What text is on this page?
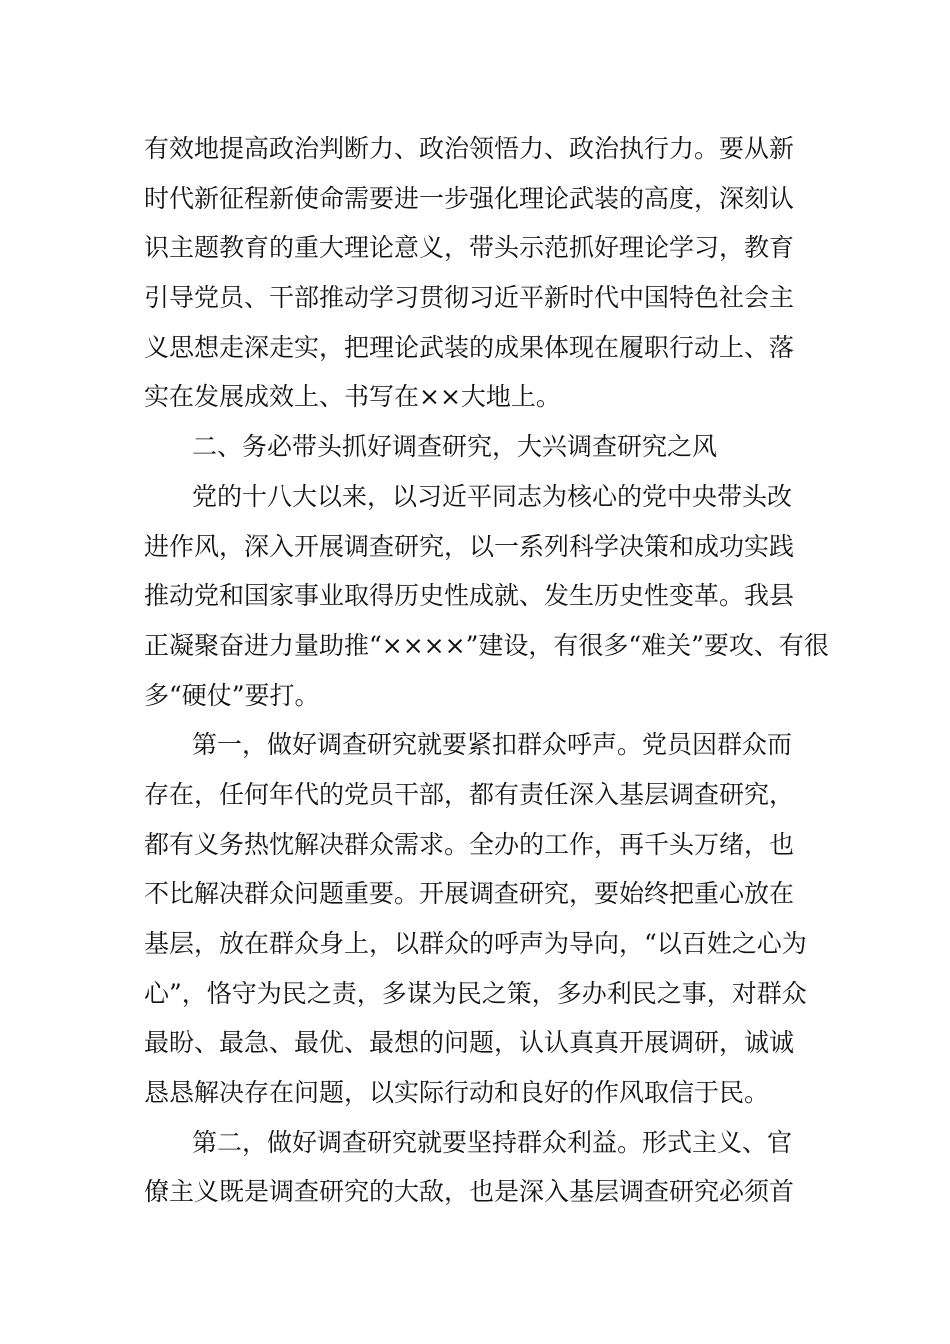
有效地提高政治判断力、政治领悟力、政治执行力。要从新
时代新征程新使命需要进一步强化理论武装的高度，深刻认
识主题教育的重大理论意义，带头示范抓好理论学习，教育
引导党员、干部推动学习贯彻习近平新时代中国特色社会主
义思想走深走实，把理论武装的成果体现在履职行动上、落
实在发展成效上、书写在××大地上。
二、务必带头抓好调查研究，大兴调查研究之风
党的十八大以来，以习近平同志为核心的党中央带头改
进作风，深入开展调查研究，以一系列科学决策和成功实践
推动党和国家事业取得历史性成就、发生历史性变革。我县
正凝聚奋进力量助推“××××”建设，有很多“难关”要攻、有很
多“硬仗”要打。
第一，做好调查研究就要紧扣群众呼声。党员因群众而
存在，任何年代的党员干部，都有责任深入基层调查研究，
都有义务热忱解决群众需求。全办的工作，再千头万绪，也
不比解决群众问题重要。开展调查研究，要始终把重心放在
基层，放在群众身上，以群众的呼声为导向，“以百姓之心为
心”，恪守为民之责，多谋为民之策，多办利民之事，对群众
最盼、最急、最优、最想的问题，认认真真开展调研，诚诚
恳恳解决存在问题，以实际行动和良好的作风取信于民。
第二，做好调查研究就要坚持群众利益。形式主义、官
僚主义既是调查研究的大敌，也是深入基层调查研究必须首
